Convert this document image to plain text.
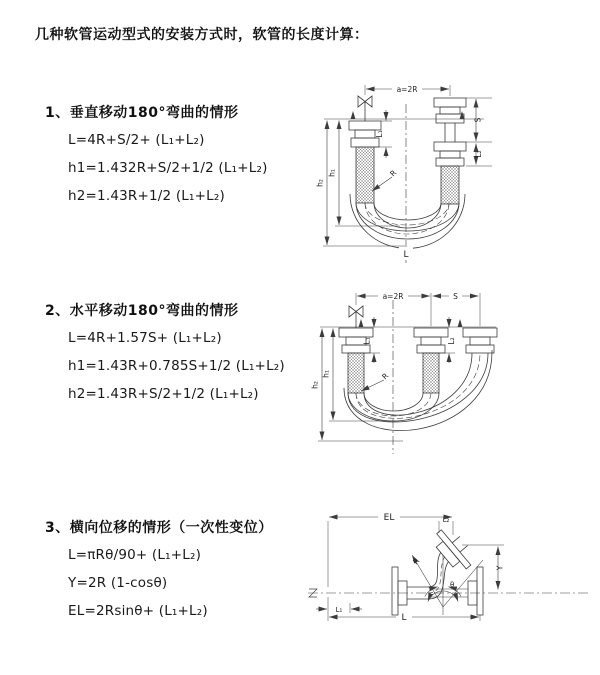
几种软管运动型式的安装方式时，软管的长度计算：
1、垂直移动180°弯曲的情形

L=4R+S/2+ (L₁+L₂)

h1=1.432R+S/2+1/2 (L₁+L₂)

h2=1.43R+1/2 (L₁+L₂)

2、水平移动180°弯曲的情形

L=4R+1.57S+ (L₁+L₂)

h1=1.43R+0.785S+1/2 (L₁+L₂)

h2=1.43R+S/2+1/2 (L₁+L₂)

3、横向位移的情形（一次性变位）

L=πRθ/90+ (L₁+L₂)

Y=2R (1-cosθ)

EL=2Rsinθ+ (L₁+L₂)

a=2R
L₁
S
L₂
h₁
h₂
R
L
a=2R	S
L₁	L₂
h₁
h₂
R
EL
L
L₁
L₂
Y
R
θ
